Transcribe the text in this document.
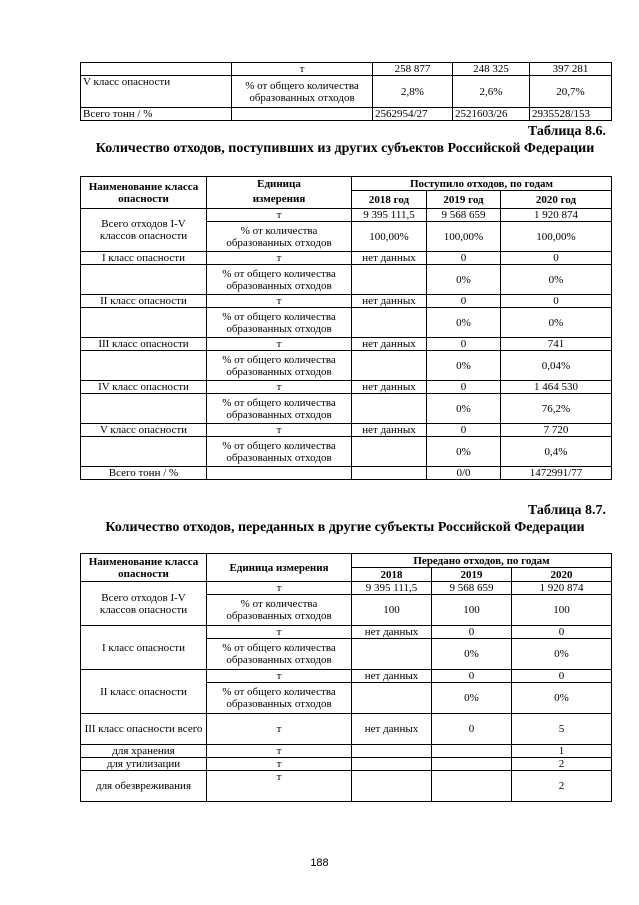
	т	258 877	248 325	397 281
V класс опасности	% от общего количества образованных отходов	2,8%	2,6%	20,7%
Всего тонн / %		2562954/27	2521603/26	2935528/153
Таблица 8.6.
Количество отходов, поступивших из других субъектов Российской Федерации
Наименование класса опасности	Единица	Поступило отходов, по годам		
	измерения	2018 год	2019 год	2020 год
Всего отходов I-V классов опасности	т	9 395 111,5	9 568 659	1 920 874
	% от количества образованных отходов	100,00%	100,00%	100,00%
I класс опасности	т	нет данных	0	0
	% от общего количества образованных отходов		0%	0%
II класс опасности	т	нет данных	0	0
	% от общего количества образованных отходов		0%	0%
III класс опасности	т	нет данных	0	741
	% от общего количества образованных отходов		0%	0,04%
IV класс опасности	т	нет данных	0	1 464 530
	% от общего количества образованных отходов		0%	76,2%
V класс опасности	т	нет данных	0	7 720
	% от общего количества образованных отходов		0%	0,4%
Всего тонн / %			0/0	1472991/77
Таблица 8.7.
Количество отходов, переданных в другие субъекты Российской Федерации
Наименование класса опасности	Единица измерения	Передано отходов, по годам		
		2018	2019	2020
Всего отходов I-V классов опасности	т	9 395 111,5	9 568 659	1 920 874
	% от количества образованных отходов	100	100	100
I класс опасности	т	нет данных	0	0
	% от общего количества образованных отходов		0%	0%
II класс опасности	т	нет данных	0	0
	% от общего количества образованных отходов		0%	0%
III класс опасности всего	т	нет данных	0	5
для хранения	т			1
для утилизации	т			2
для обезвреживания	т			2
188
